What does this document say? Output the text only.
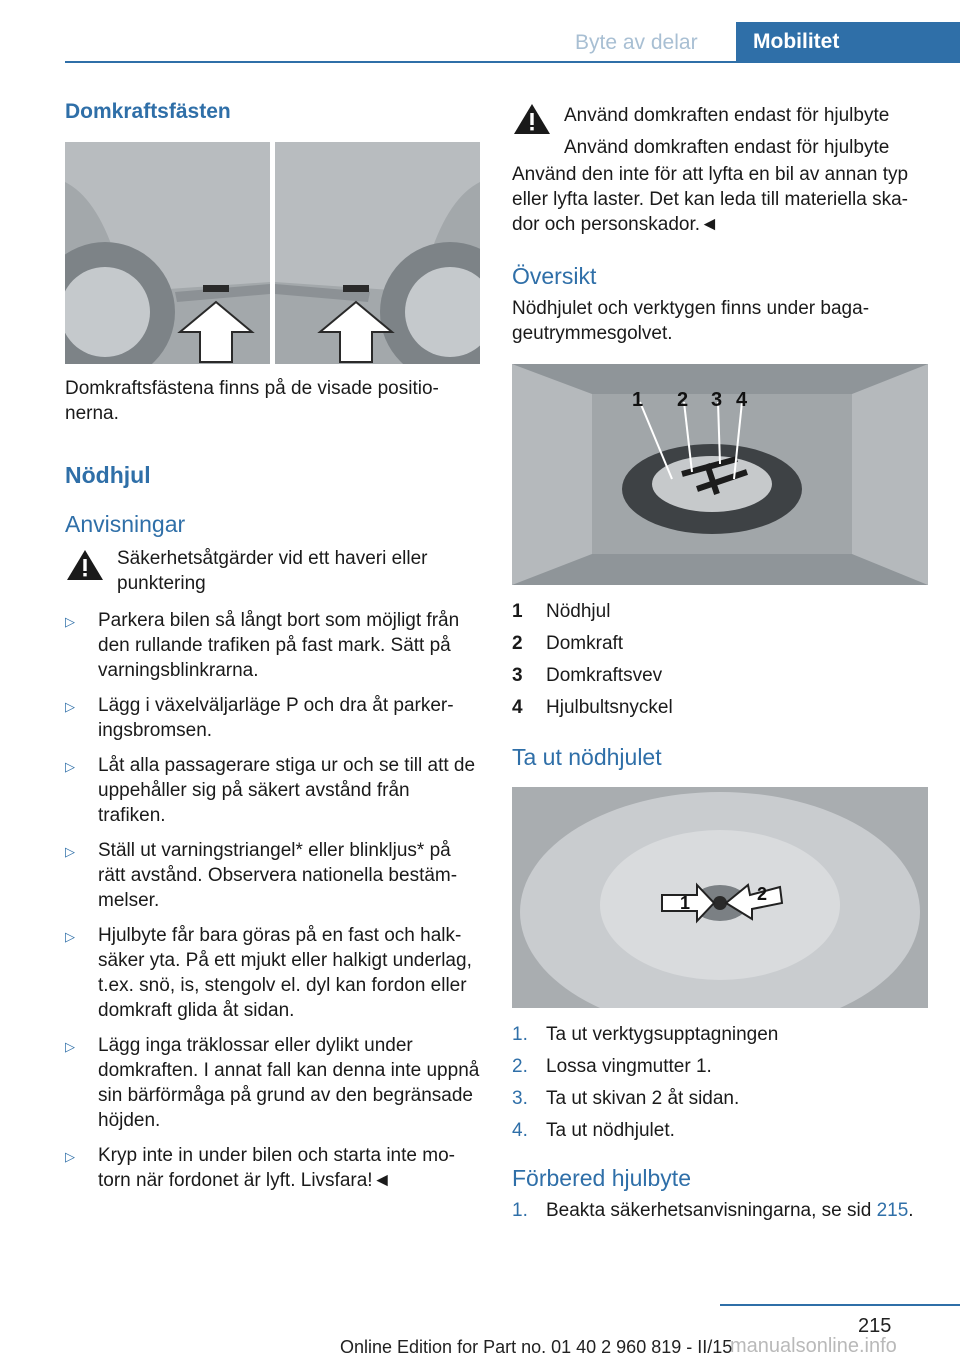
Byte av delar	Mobilitet
Domkraftsfästen

Domkraftsfästena finns på de visade positionerna.

Nödhjul
Anvisningar
Säkerhetsåtgärder vid ett haveri eller punktering
▷ Parkera bilen så långt bort som möjligt från den rullande trafiken på fast mark. Sätt på varningsblinkrarna.
▷ Lägg i växelväljarläge P och dra åt parkeringsbromsen.
▷ Låt alla passagerare stiga ur och se till att de uppehåller sig på säkert avstånd från trafiken.
▷ Ställ ut varningstriangel* eller blinkljus* på rätt avstånd. Observera nationella bestämmelser.
▷ Hjulbyte får bara göras på en fast och halksäker yta. På ett mjukt eller halkigt underlag, t.ex. snö, is, stengolv el. dyl kan fordon eller domkraft glida åt sidan.
▷ Lägg inga träklossar eller dylikt under domkraften. I annat fall kan denna inte uppnå sin bärförmåga på grund av den begränsade höjden.
▷ Kryp inte in under bilen och starta inte motorn när fordonet är lyft. Livsfara!◄
Använd domkraften endast för hjulbyte
Använd domkraften endast för hjulbyte

Använd den inte för att lyfta en bil av annan typ eller lyfta laster. Det kan leda till materiella skador och personskador.◄

Översikt

Nödhjulet och verktygen finns under bagageutrymmesgolvet.

1 2 3 4
1	Nödhjul
2	Domkraft
3	Domkraftsvev
4	Hjulbultsnyckel
Ta ut nödhjulet
1	2
1. Ta ut verktygsupptagningen
2. Lossa vingmutter 1.
3. Ta ut skivan 2 åt sidan.
4. Ta ut nödhjulet.
Förbered hjulbyte
1. Beakta säkerhetsanvisningarna, se sid 215.
215
Online Edition for Part no. 01 40 2 960 819 - II/15
manualsonline.info
